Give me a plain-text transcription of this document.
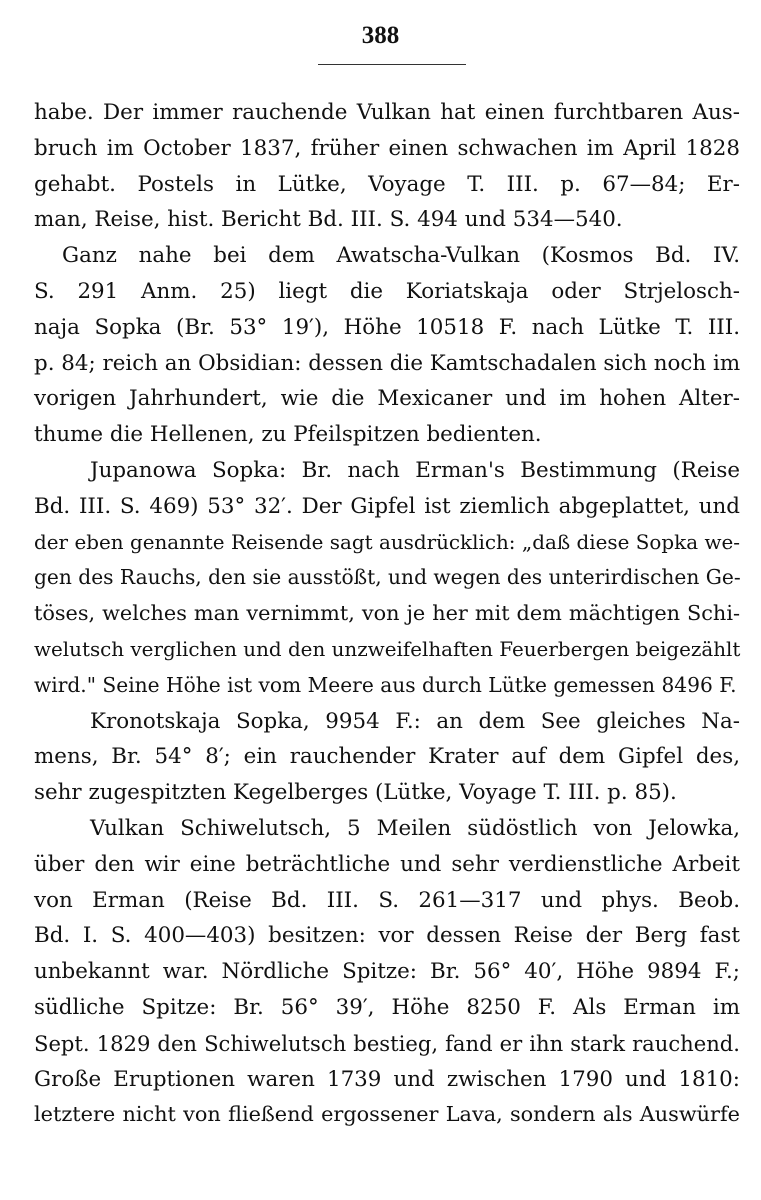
388
habe. Der immer rauchende Vulkan hat einen furchtbaren Aus-
bruch im October 1837, früher einen schwachen im April 1828
gehabt. Postels in Lütke, Voyage T. III. p. 67—84; Er-
man, Reise, hist. Bericht Bd. III. S. 494 und 534—540.
Ganz nahe bei dem Awatscha-Vulkan (Kosmos Bd. IV.
S. 291 Anm. 25) liegt die Koriatskaja oder Strjelosch-
naja Sopka (Br. 53° 19′), Höhe 10518 F. nach Lütke T. III.
p. 84; reich an Obsidian: dessen die Kamtschadalen sich noch im
vorigen Jahrhundert, wie die Mexicaner und im hohen Alter-
thume die Hellenen, zu Pfeilspitzen bedienten.
Jupanowa Sopka: Br. nach Erman's Bestimmung (Reise
Bd. III. S. 469) 53° 32′. Der Gipfel ist ziemlich abgeplattet, und
der eben genannte Reisende sagt ausdrücklich: „daß diese Sopka we-
gen des Rauchs, den sie ausstößt, und wegen des unterirdischen Ge-
töses, welches man vernimmt, von je her mit dem mächtigen Schi-
welutsch verglichen und den unzweifelhaften Feuerbergen beigezählt
wird." Seine Höhe ist vom Meere aus durch Lütke gemessen 8496 F.
Kronotskaja Sopka, 9954 F.: an dem See gleiches Na-
mens, Br. 54° 8′; ein rauchender Krater auf dem Gipfel des,
sehr zugespitzten Kegelberges (Lütke, Voyage T. III. p. 85).
Vulkan Schiwelutsch, 5 Meilen südöstlich von Jelowka,
über den wir eine beträchtliche und sehr verdienstliche Arbeit
von Erman (Reise Bd. III. S. 261—317 und phys. Beob.
Bd. I. S. 400—403) besitzen: vor dessen Reise der Berg fast
unbekannt war. Nördliche Spitze: Br. 56° 40′, Höhe 9894 F.;
südliche Spitze: Br. 56° 39′, Höhe 8250 F. Als Erman im
Sept. 1829 den Schiwelutsch bestieg, fand er ihn stark rauchend.
Große Eruptionen waren 1739 und zwischen 1790 und 1810:
letztere nicht von fließend ergossener Lava, sondern als Auswürfe
